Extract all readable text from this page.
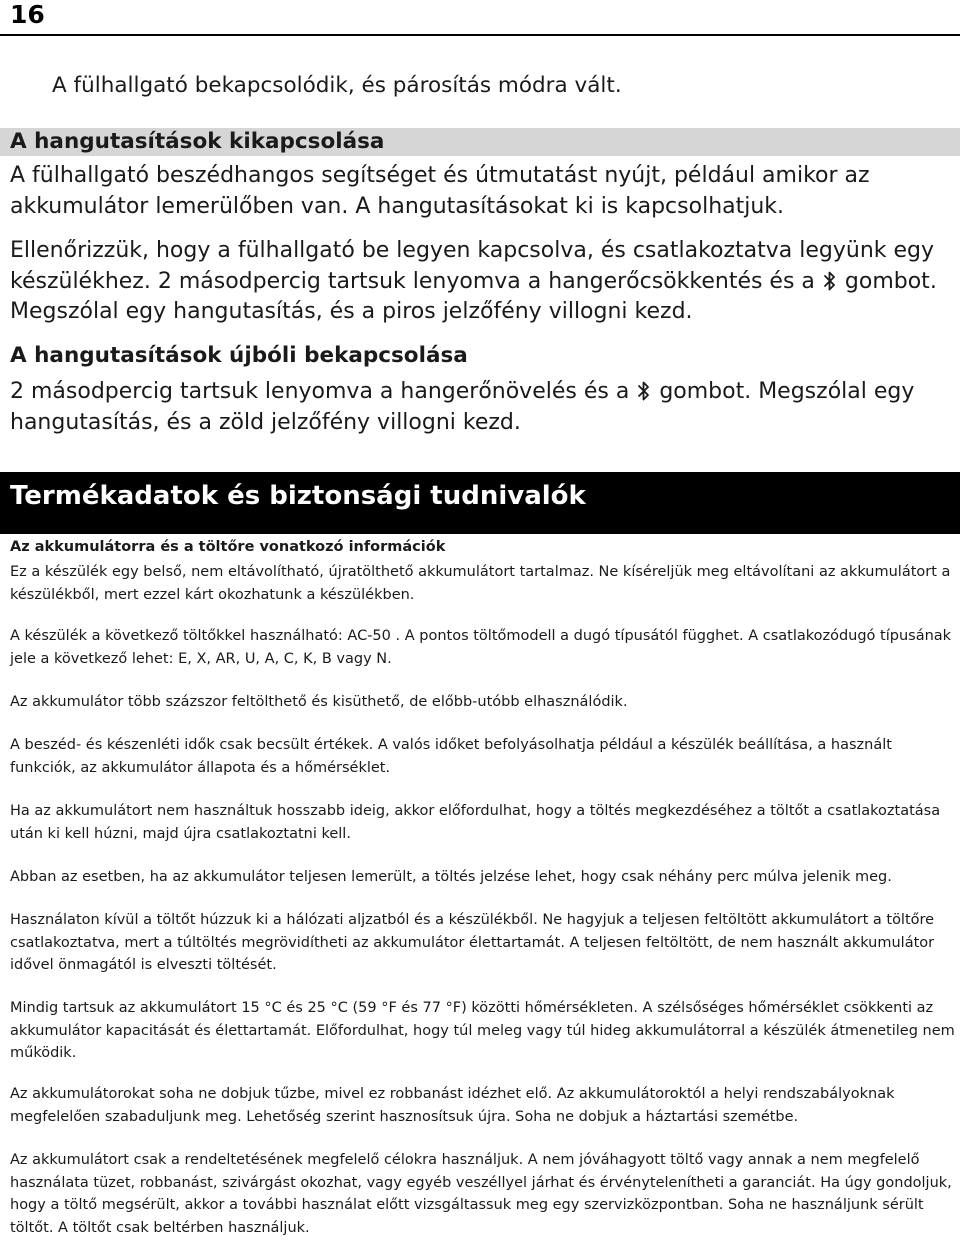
16

A fülhallgató bekapcsolódik, és párosítás módra vált.

A hangutasítások kikapcsolása

A fülhallgató beszédhangos segítséget és útmutatást nyújt, például amikor az akkumulátor lemerülőben van. A hangutasításokat ki is kapcsolhatjuk.

Ellenőrizzük, hogy a fülhallgató be legyen kapcsolva, és csatlakoztatva legyünk egy készülékhez. 2 másodpercig tartsuk lenyomva a hangerőcsökkentés és a gombot. Megszólal egy hangutasítás, és a piros jelzőfény villogni kezd.

A hangutasítások újbóli bekapcsolása

2 másodpercig tartsuk lenyomva a hangerőnövelés és a gombot. Megszólal egy hangutasítás, és a zöld jelzőfény villogni kezd.

Termékadatok és biztonsági tudnivalók
Az akkumulátorra és a töltőre vonatkozó információk

Ez a készülék egy belső, nem eltávolítható, újratölthető akkumulátort tartalmaz. Ne kíséreljük meg eltávolítani az akkumulátort a készülékből, mert ezzel kárt okozhatunk a készülékben.

A készülék a következő töltőkkel használható: AC-50 . A pontos töltőmodell a dugó típusától függhet. A csatlakozódugó típusának jele a következő lehet: E, X, AR, U, A, C, K, B vagy N.

Az akkumulátor több százszor feltölthető és kisüthető, de előbb-utóbb elhasználódik.

A beszéd- és készenléti idők csak becsült értékek. A valós időket befolyásolhatja például a készülék beállítása, a használt funkciók, az akkumulátor állapota és a hőmérséklet.

Ha az akkumulátort nem használtuk hosszabb ideig, akkor előfordulhat, hogy a töltés megkezdéséhez a töltőt a csatlakoztatása után ki kell húzni, majd újra csatlakoztatni kell.

Abban az esetben, ha az akkumulátor teljesen lemerült, a töltés jelzése lehet, hogy csak néhány perc múlva jelenik meg.

Használaton kívül a töltőt húzzuk ki a hálózati aljzatból és a készülékből. Ne hagyjuk a teljesen feltöltött akkumulátort a töltőre csatlakoztatva, mert a túltöltés megrövidítheti az akkumulátor élettartamát. A teljesen feltöltött, de nem használt akkumulátor idővel önmagától is elveszti töltését.

Mindig tartsuk az akkumulátort 15 °C és 25 °C (59 °F és 77 °F) közötti hőmérsékleten. A szélsőséges hőmérséklet csökkenti az akkumulátor kapacitását és élettartamát. Előfordulhat, hogy túl meleg vagy túl hideg akkumulátorral a készülék átmenetileg nem működik.

Az akkumulátorokat soha ne dobjuk tűzbe, mivel ez robbanást idézhet elő. Az akkumulátoroktól a helyi rendszabályoknak megfelelően szabaduljunk meg. Lehetőség szerint hasznosítsuk újra. Soha ne dobjuk a háztartási szemétbe.

Az akkumulátort csak a rendeltetésének megfelelő célokra használjuk. A nem jóváhagyott töltő vagy annak a nem megfelelő használata tüzet, robbanást, szivárgást okozhat, vagy egyéb veszéllyel járhat és érvénytelenítheti a garanciát. Ha úgy gondoljuk, hogy a töltő megsérült, akkor a további használat előtt vizsgáltassuk meg egy szervizközpontban. Soha ne használjunk sérült töltőt. A töltőt csak beltérben használjuk.
